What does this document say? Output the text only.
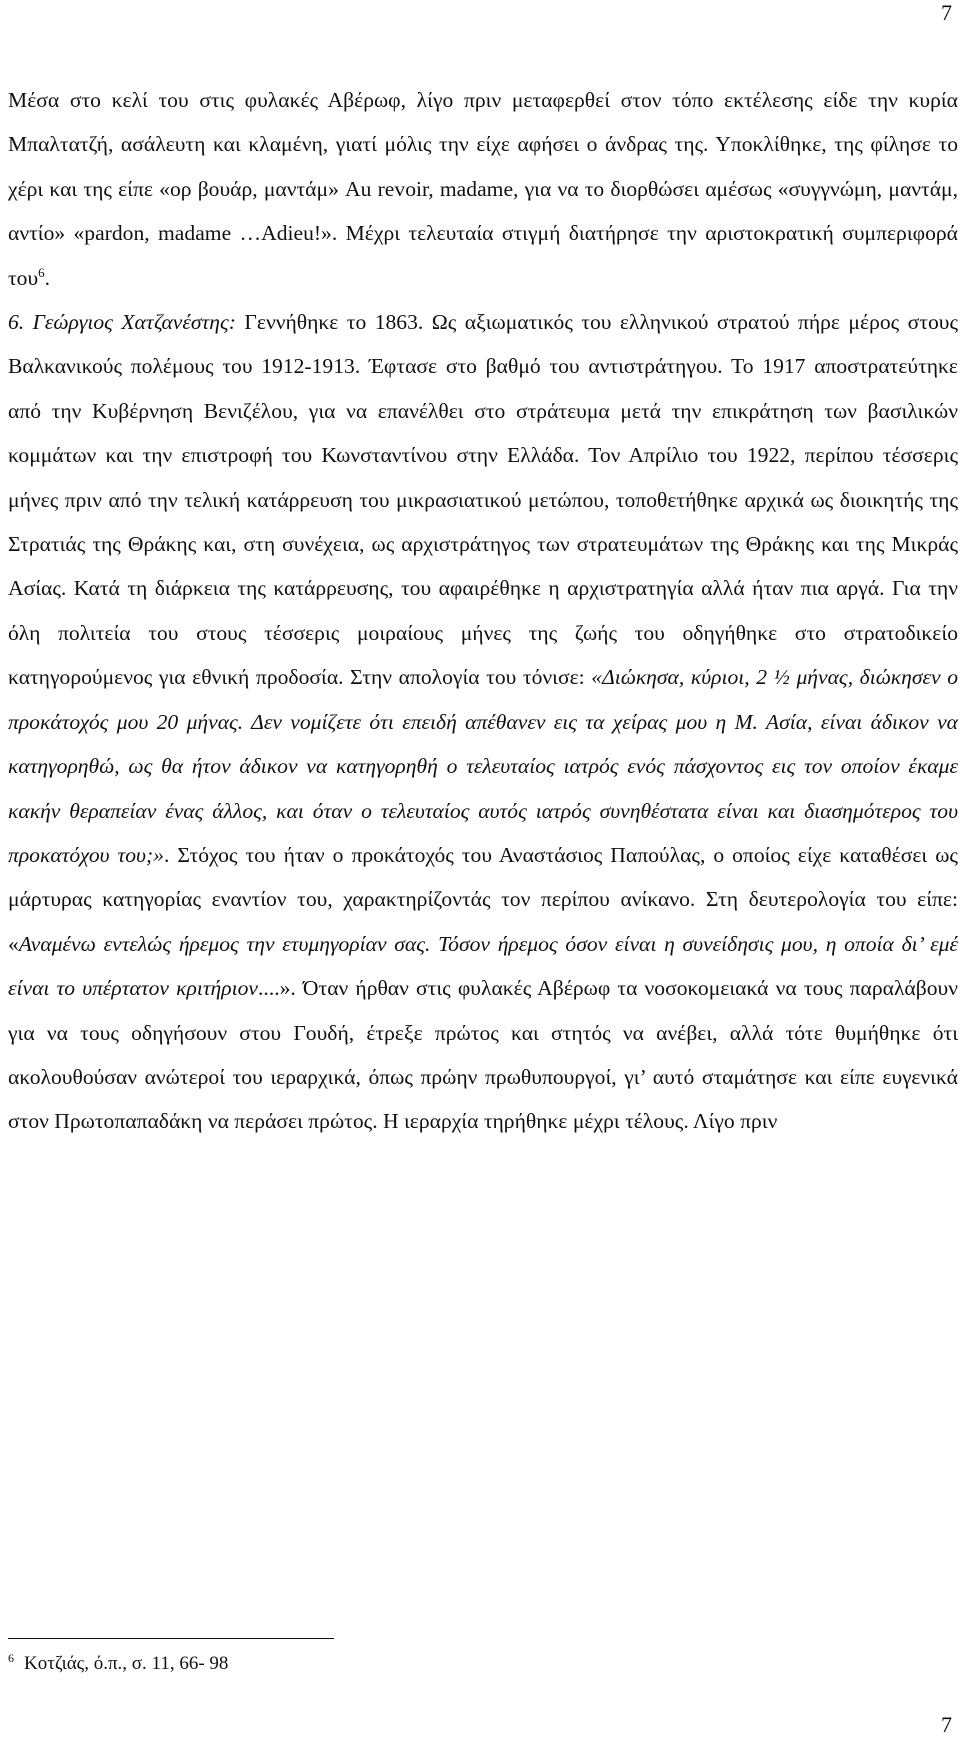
7

Μέσα στο κελί του στις φυλακές Αβέρωφ, λίγο πριν μεταφερθεί στον τόπο εκτέλεσης είδε την κυρία Μπαλτατζή, ασάλευτη και κλαμένη, γιατί μόλις την είχε αφήσει ο άνδρας της. Υποκλίθηκε, της φίλησε το χέρι και της είπε «ορ βουάρ, μαντάμ» Au revoir, madame, για να το διορθώσει αμέσως «συγγνώμη, μαντάμ, αντίο» «pardon, madame …Adieu!». Μέχρι τελευταία στιγμή διατήρησε την αριστοκρατική συμπεριφορά του$^6$.

6. Γεώργιος Χατζανέστης: Γεννήθηκε το 1863. Ως αξιωματικός του ελληνικού στρατού πήρε μέρος στους Βαλκανικούς πολέμους του 1912-1913. Έφτασε στο βαθμό του αντιστράτηγου. Το 1917 αποστρατεύτηκε από την Κυβέρνηση Βενιζέλου, για να επανέλθει στο στράτευμα μετά την επικράτηση των βασιλικών κομμάτων και την επιστροφή του Κωνσταντίνου στην Ελλάδα. Τον Απρίλιο του 1922, περίπου τέσσερις μήνες πριν από την τελική κατάρρευση του μικρασιατικού μετώπου, τοποθετήθηκε αρχικά ως διοικητής της Στρατιάς της Θράκης και, στη συνέχεια, ως αρχιστράτηγος των στρατευμάτων της Θράκης και της Μικράς Ασίας. Κατά τη διάρκεια της κατάρρευσης, του αφαιρέθηκε η αρχιστρατηγία αλλά ήταν πια αργά. Για την όλη πολιτεία του στους τέσσερις μοιραίους μήνες της ζωής του οδηγήθηκε στο στρατοδικείο κατηγορούμενος για εθνική προδοσία. Στην απολογία του τόνισε: «Διώκησα, κύριοι, 2 ½ μήνας, διώκησεν ο προκάτοχός μου 20 μήνας. Δεν νομίζετε ότι επειδή απέθανεν εις τα χείρας μου η Μ. Ασία, είναι άδικον να κατηγορηθώ, ως θα ήτον άδικον να κατηγορηθή ο τελευταίος ιατρός ενός πάσχοντος εις τον οποίον έκαμε κακήν θεραπείαν ένας άλλος, και όταν ο τελευταίος αυτός ιατρός συνηθέστατα είναι και διασημότερος του προκατόχου του;». Στόχος του ήταν ο προκάτοχός του Αναστάσιος Παπούλας, ο οποίος είχε καταθέσει ως μάρτυρας κατηγορίας εναντίον του, χαρακτηρίζοντάς τον περίπου ανίκανο. Στη δευτερολογία του είπε: «Αναμένω εντελώς ήρεμος την ετυμηγορίαν σας. Τόσον ήρεμος όσον είναι η συνείδησις μου, η οποία δι’ εμέ είναι το υπέρτατον κριτήριον....». Όταν ήρθαν στις φυλακές Αβέρωφ τα νοσοκομειακά να τους παραλάβουν για να τους οδηγήσουν στου Γουδή, έτρεξε πρώτος και στητός να ανέβει, αλλά τότε θυμήθηκε ότι ακολουθούσαν ανώτεροί του ιεραρχικά, όπως πρώην πρωθυπουργοί, γι’ αυτό σταμάτησε και είπε ευγενικά στον Πρωτοπαπαδάκη να περάσει πρώτος. Η ιεραρχία τηρήθηκε μέχρι τέλους. Λίγο πριν

$^6$ Κοτζιάς, ό.π., σ. 11, 66- 98
7
